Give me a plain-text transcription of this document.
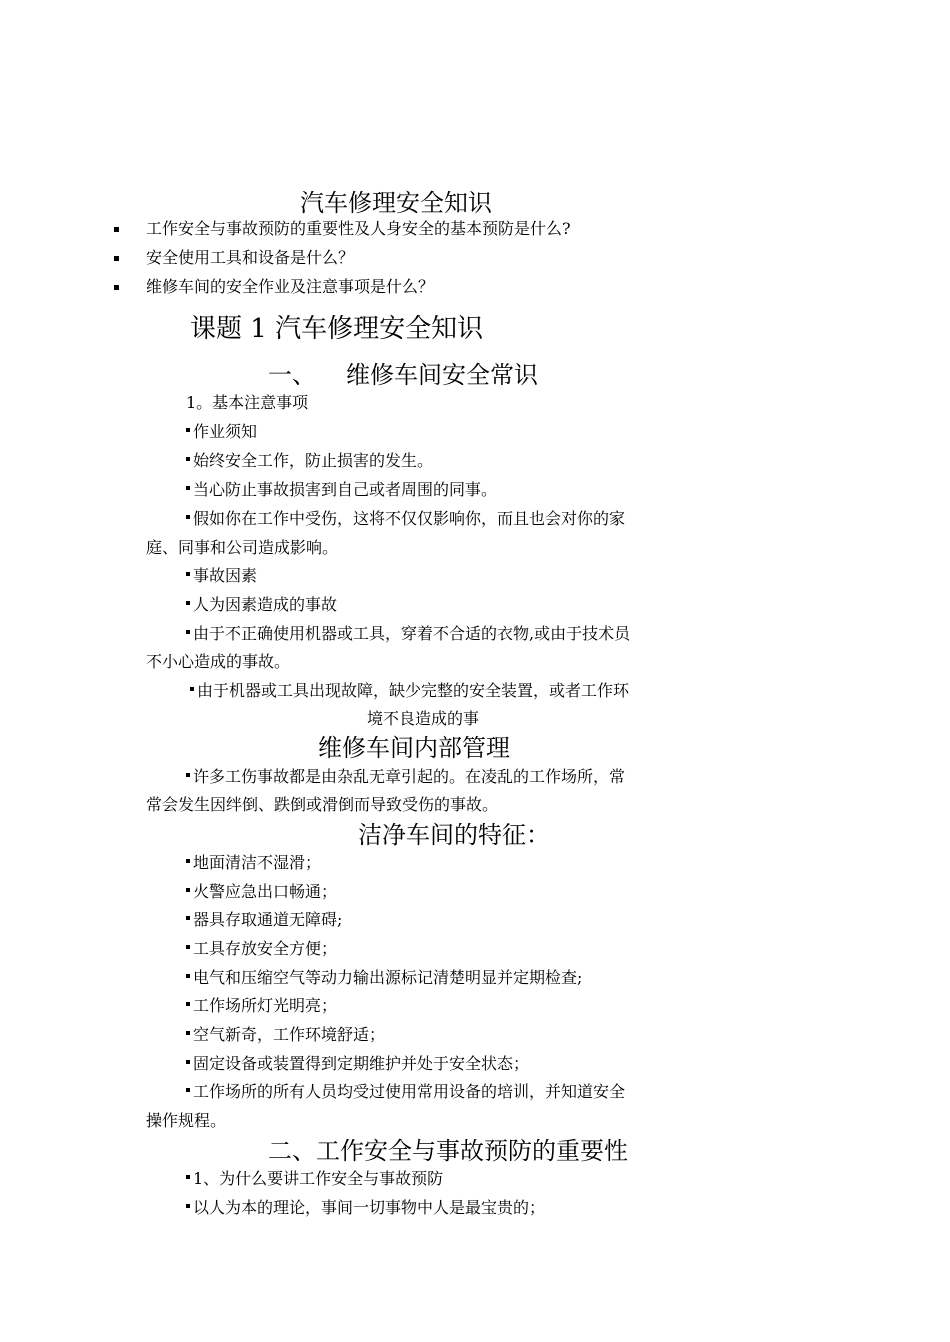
汽车修理安全知识
工作安全与事故预防的重要性及人身安全的基本预防是什么?
安全使用工具和设备是什么？
维修车间的安全作业及注意事项是什么？
课题 1 汽车修理安全知识
一、 维修车间安全常识
1。基本注意事项
作业须知
始终安全工作，防止损害的发生。
当心防止事故损害到自己或者周围的同事。
假如你在工作中受伤，这将不仅仅影响你，而且也会对你的家
庭、同事和公司造成影响。
事故因素
人为因素造成的事故
由于不正确使用机器或工具，穿着不合适的衣物,或由于技术员
不小心造成的事故。
由于机器或工具出现故障，缺少完整的安全装置，或者工作环
境不良造成的事
维修车间内部管理
许多工伤事故都是由杂乱无章引起的。在凌乱的工作场所，常
常会发生因绊倒、跌倒或滑倒而导致受伤的事故。
洁净车间的特征：
地面清洁不湿滑；
火警应急出口畅通；
器具存取通道无障碍;
工具存放安全方便；
电气和压缩空气等动力输出源标记清楚明显并定期检查;
工作场所灯光明亮；
空气新奇，工作环境舒适；
固定设备或装置得到定期维护并处于安全状态；
工作场所的所有人员均受过使用常用设备的培训，并知道安全
操作规程。
二、工作安全与事故预防的重要性
1、为什么要讲工作安全与事故预防
以人为本的理论，事间一切事物中人是最宝贵的；
